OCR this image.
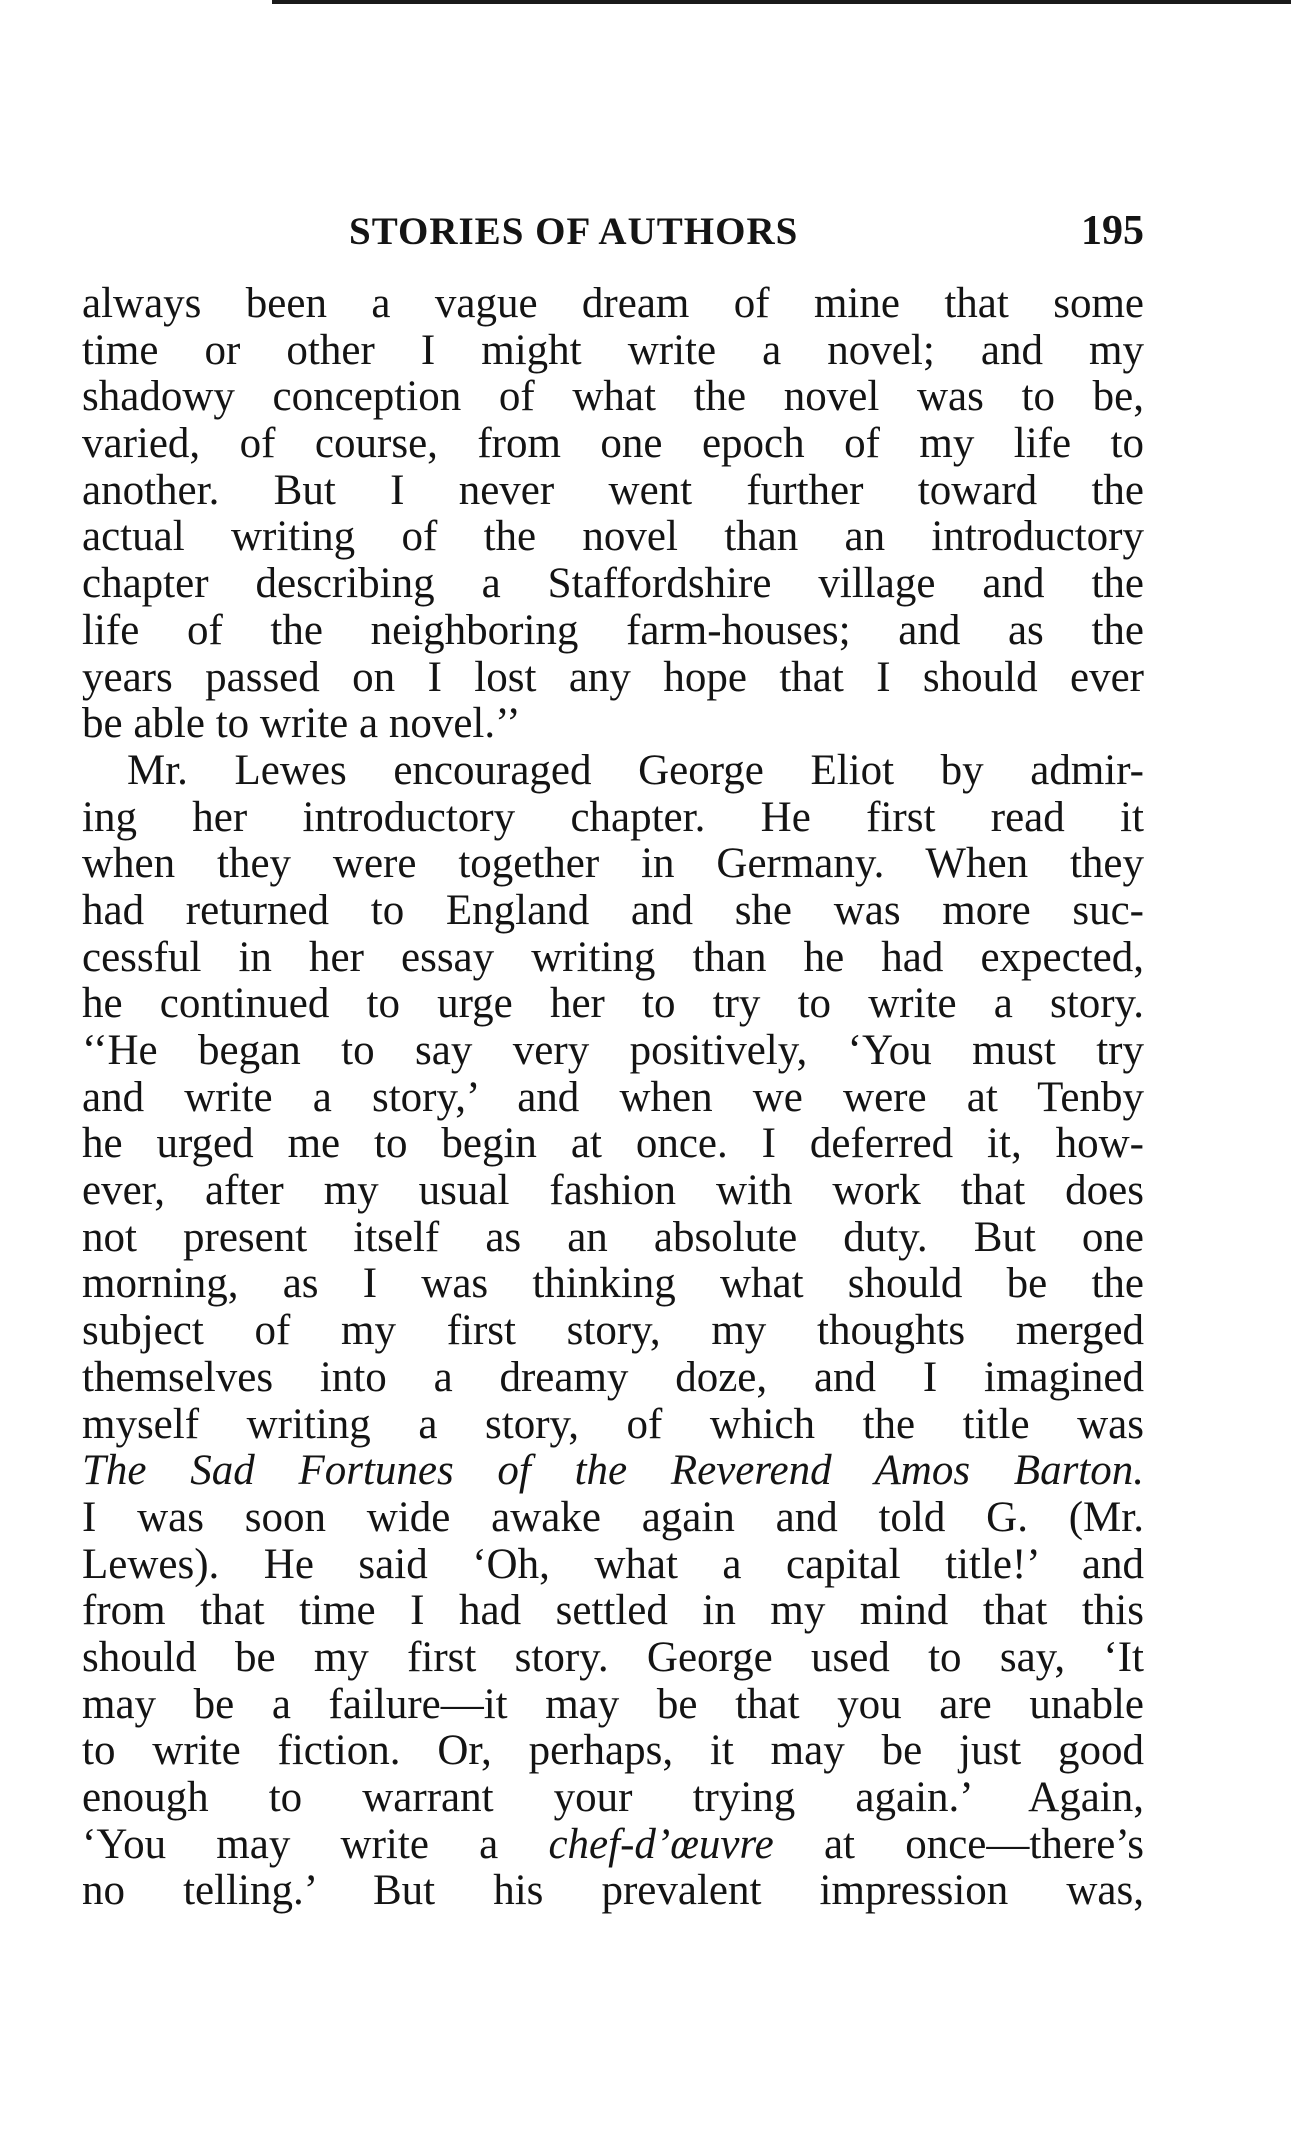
STORIES OF AUTHORS	195
always been a vague dream of mine that some
time or other I might write a novel; and my
shadowy conception of what the novel was to be,
varied, of course, from one epoch of my life to
another. But I never went further toward the
actual writing of the novel than an introductory
chapter describing a Staffordshire village and the
life of the neighboring farm-houses; and as the
years passed on I lost any hope that I should ever
be able to write a novel.’’
Mr. Lewes encouraged George Eliot by admir-
ing her introductory chapter. He first read it
when they were together in Germany. When they
had returned to England and she was more suc-
cessful in her essay writing than he had expected,
he continued to urge her to try to write a story.
‘‘He began to say very positively, ‘You must try
and write a story,’ and when we were at Tenby
he urged me to begin at once. I deferred it, how-
ever, after my usual fashion with work that does
not present itself as an absolute duty. But one
morning, as I was thinking what should be the
subject of my first story, my thoughts merged
themselves into a dreamy doze, and I imagined
myself writing a story, of which the title was
The Sad Fortunes of the Reverend Amos Barton.
I was soon wide awake again and told G. (Mr.
Lewes). He said ‘Oh, what a capital title!’ and
from that time I had settled in my mind that this
should be my first story. George used to say, ‘It
may be a failure—it may be that you are unable
to write fiction. Or, perhaps, it may be just good
enough to warrant your trying again.’ Again,
‘You may write a chef-d’œuvre at once—there’s
no telling.’ But his prevalent impression was,
